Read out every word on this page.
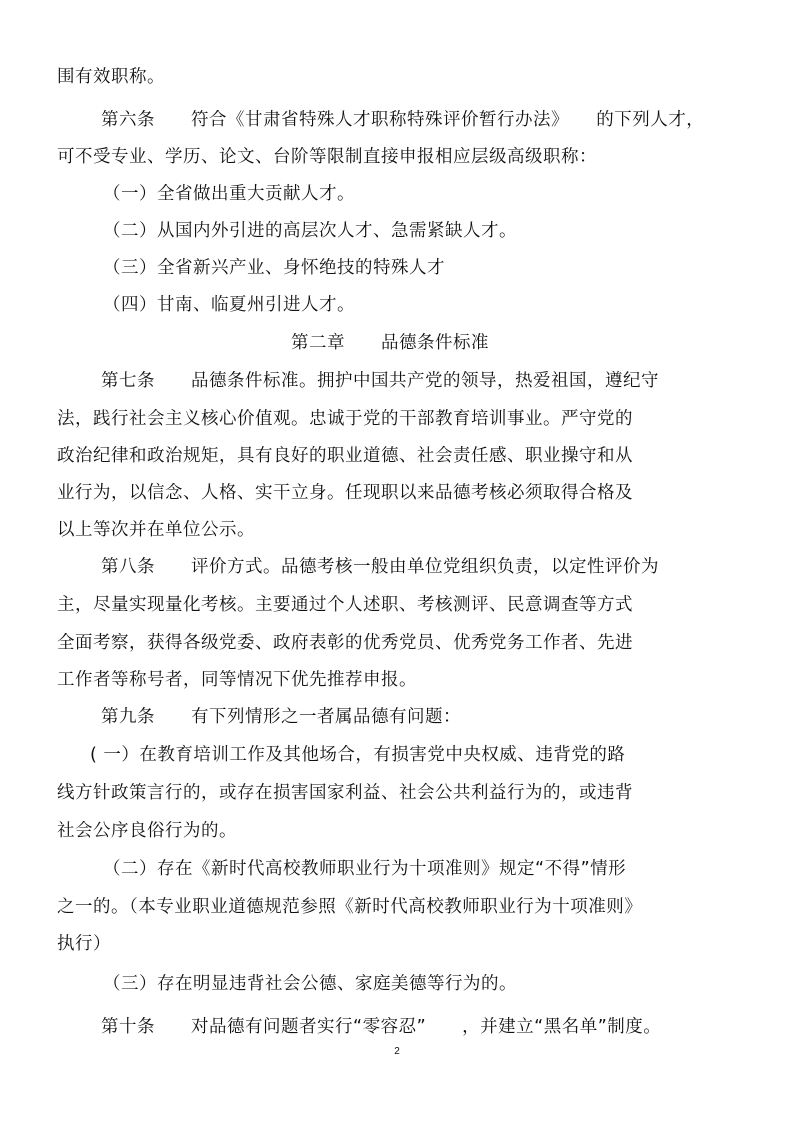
围有效职称。
第六条　　符合《甘肃省特殊人才职称特殊评价暂行办法》　　的下列人才，
可不受专业、学历、论文、台阶等限制直接申报相应层级高级职称：
（一）全省做出重大贡献人才。
（二）从国内外引进的高层次人才、急需紧缺人才。
（三）全省新兴产业、身怀绝技的特殊人才
（四）甘南、临夏州引进人才。
第二章　　品德条件标准
第七条　　品德条件标准。拥护中国共产党的领导，热爱祖国，遵纪守
法，践行社会主义核心价值观。忠诚于党的干部教育培训事业。严守党的
政治纪律和政治规矩，具有良好的职业道德、社会责任感、职业操守和从
业行为，以信念、人格、实干立身。任现职以来品德考核必须取得合格及
以上等次并在单位公示。
第八条　　评价方式。品德考核一般由单位党组织负责，以定性评价为
主，尽量实现量化考核。主要通过个人述职、考核测评、民意调查等方式
全面考察，获得各级党委、政府表彰的优秀党员、优秀党务工作者、先进
工作者等称号者，同等情况下优先推荐申报。
第九条　　有下列情形之一者属品德有问题：
( 一）在教育培训工作及其他场合，有损害党中央权威、违背党的路
线方针政策言行的，或存在损害国家利益、社会公共利益行为的，或违背
社会公序良俗行为的。
（二）存在《新时代高校教师职业行为十项准则》规定“不得”情形
之一的。（本专业职业道德规范参照《新时代高校教师职业行为十项准则》
执行）
（三）存在明显违背社会公德、家庭美德等行为的。
第十条　　对品德有问题者实行“零容忍”　　，并建立“黑名单”制度。
2
